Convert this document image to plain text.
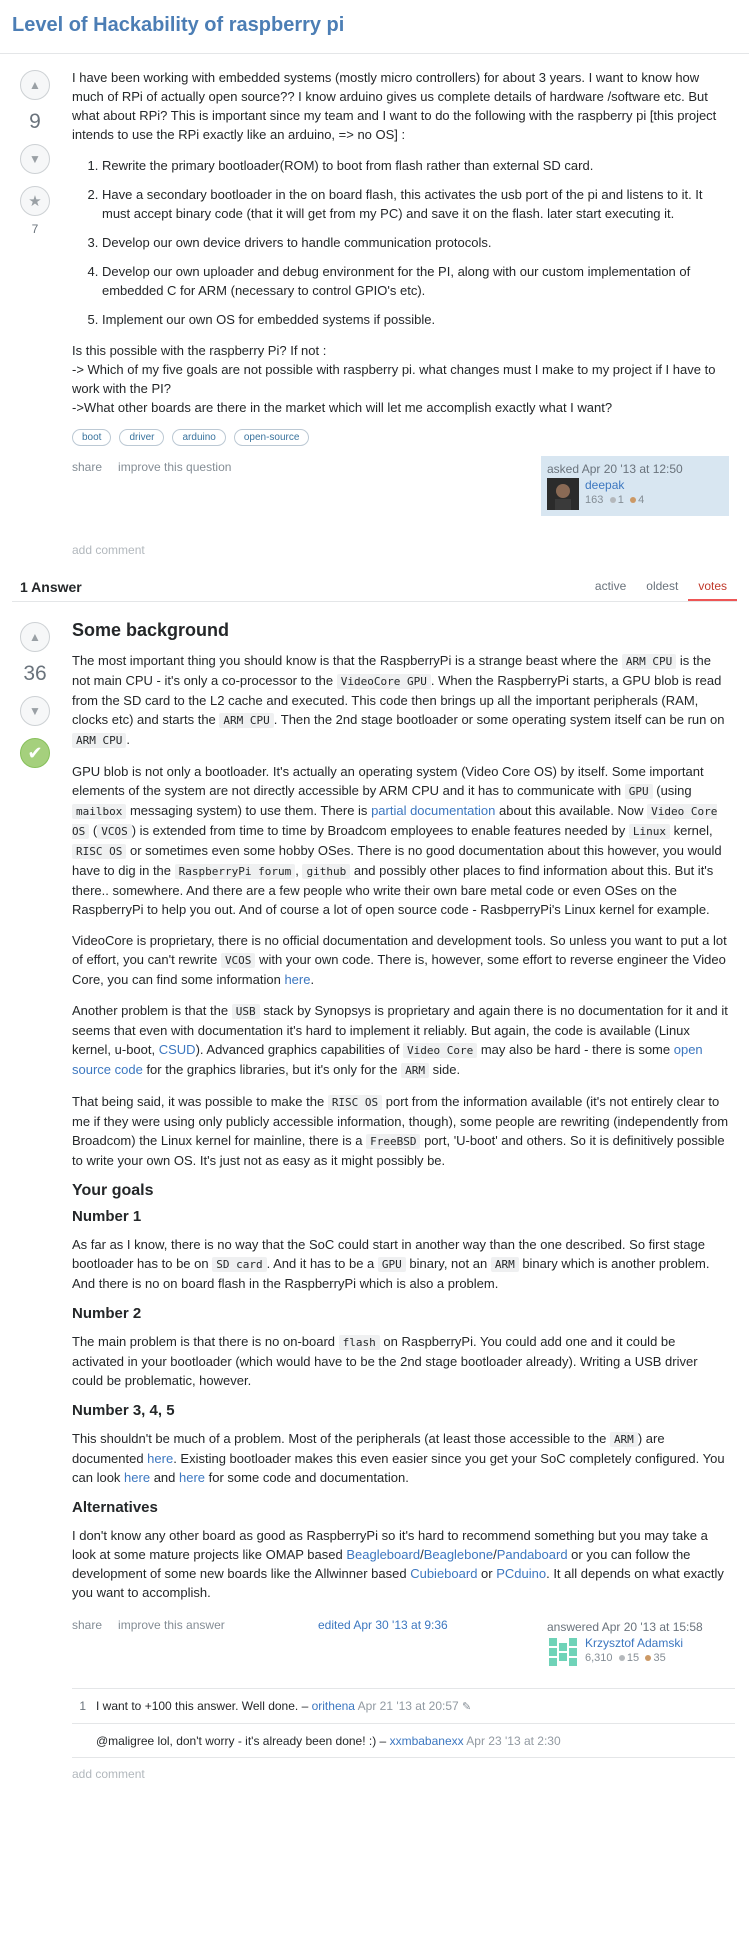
Level of Hackability of raspberry pi
▲
9
▼
★
7

I have been working with embedded systems (mostly micro controllers) for about 3 years. I want to know how much of RPi of actually open source?? I know arduino gives us complete details of hardware /software etc. But what about RPi? This is important since my team and I want to do the following with the raspberry pi [this project intends to use the RPi exactly like an arduino, => no OS] :

1. Rewrite the primary bootloader(ROM) to boot from flash rather than external SD card.
2. Have a secondary bootloader in the on board flash, this activates the usb port of the pi and listens to it. It must accept binary code (that it will get from my PC) and save it on the flash. later start executing it.
3. Develop our own device drivers to handle communication protocols.
4. Develop our own uploader and debug environment for the PI, along with our custom implementation of embedded C for ARM (necessary to control GPIO's etc).
5. Implement our own OS for embedded systems if possible.

Is this possible with the raspberry Pi? If not :
-> Which of my five goals are not possible with raspberry pi. what changes must I make to my project if I have to work with the PI?
->What other boards are there in the market which will let me accomplish exactly what I want?

boot	driver	arduino	open-source
share improve this question	asked Apr 20 '13 at 12:50
deepak
163 1 4
add comment
1 Answer	active	oldest	votes
▲
36
▼
✔
Some background

The most important thing you should know is that the RaspberryPi is a strange beast where the ARM CPU is the not main CPU - it's only a co-processor to the VideoCore GPU . When the RaspberryPi starts, a GPU blob is read from the SD card to the L2 cache and executed. This code then brings up all the important peripherals (RAM, clocks etc) and starts the ARM CPU . Then the 2nd stage bootloader or some operating system itself can be run on ARM CPU .

GPU blob is not only a bootloader. It's actually an operating system (Video Core OS) by itself. Some important elements of the system are not directly accessible by ARM CPU and it has to communicate with GPU (using mailbox messaging system) to use them. There is partial documentation about this available. Now Video Core OS ( VCOS ) is extended from time to time by Broadcom employees to enable features needed by Linux kernel, RISC OS or sometimes even some hobby OSes. There is no good documentation about this however, you would have to dig in the RaspberryPi forum , github and possibly other places to find information about this. But it's there.. somewhere. And there are a few people who write their own bare metal code or even OSes on the RaspberryPi to help you out. And of course a lot of open source code - RasbperryPi's Linux kernel for example.

VideoCore is proprietary, there is no official documentation and development tools. So unless you want to put a lot of effort, you can't rewrite VCOS with your own code. There is, however, some effort to reverse engineer the Video Core, you can find some information here.

Another problem is that the USB stack by Synopsys is proprietary and again there is no documentation for it and it seems that even with documentation it's hard to implement it reliably. But again, the code is available (Linux kernel, u-boot, CSUD). Advanced graphics capabilities of Video Core may also be hard - there is some open source code for the graphics libraries, but it's only for the ARM side.

That being said, it was possible to make the RISC OS port from the information available (it's not entirely clear to me if they were using only publicly accessible information, though), some people are rewriting (independently from Broadcom) the Linux kernel for mainline, there is a FreeBSD port, 'U-boot' and others. So it is definitively possible to write your own OS. It's just not as easy as it might possibly be.

Your goals
Number 1

As far as I know, there is no way that the SoC could start in another way than the one described. So first stage bootloader has to be on SD card . And it has to be a GPU binary, not an ARM binary which is another problem. And there is no on board flash in the RaspberryPi which is also a problem.

Number 2

The main problem is that there is no on-board flash on RaspberryPi. You could add one and it could be activated in your bootloader (which would have to be the 2nd stage bootloader already). Writing a USB driver could be problematic, however.

Number 3, 4, 5

This shouldn't be much of a problem. Most of the peripherals (at least those accessible to the ARM ) are documented here. Existing bootloader makes this even easier since you get your SoC completely configured. You can look here and here for some code and documentation.

Alternatives

I don't know any other board as good as RaspberryPi so it's hard to recommend something but you may take a look at some mature projects like OMAP based Beagleboard/Beaglebone/Pandaboard or you can follow the development of some new boards like the Allwinner based Cubieboard or PCduino. It all depends on what exactly you want to accomplish.

share improve this answer	edited Apr 30 '13 at 9:36	answered Apr 20 '13 at 15:58
Krzysztof Adamski
6,310 15 35
1 I want to +100 this answer. Well done. – orithena Apr 21 '13 at 20:57 ✎
@maligree lol, don't worry - it's already been done! :) – xxmbabanexx Apr 23 '13 at 2:30
add comment
